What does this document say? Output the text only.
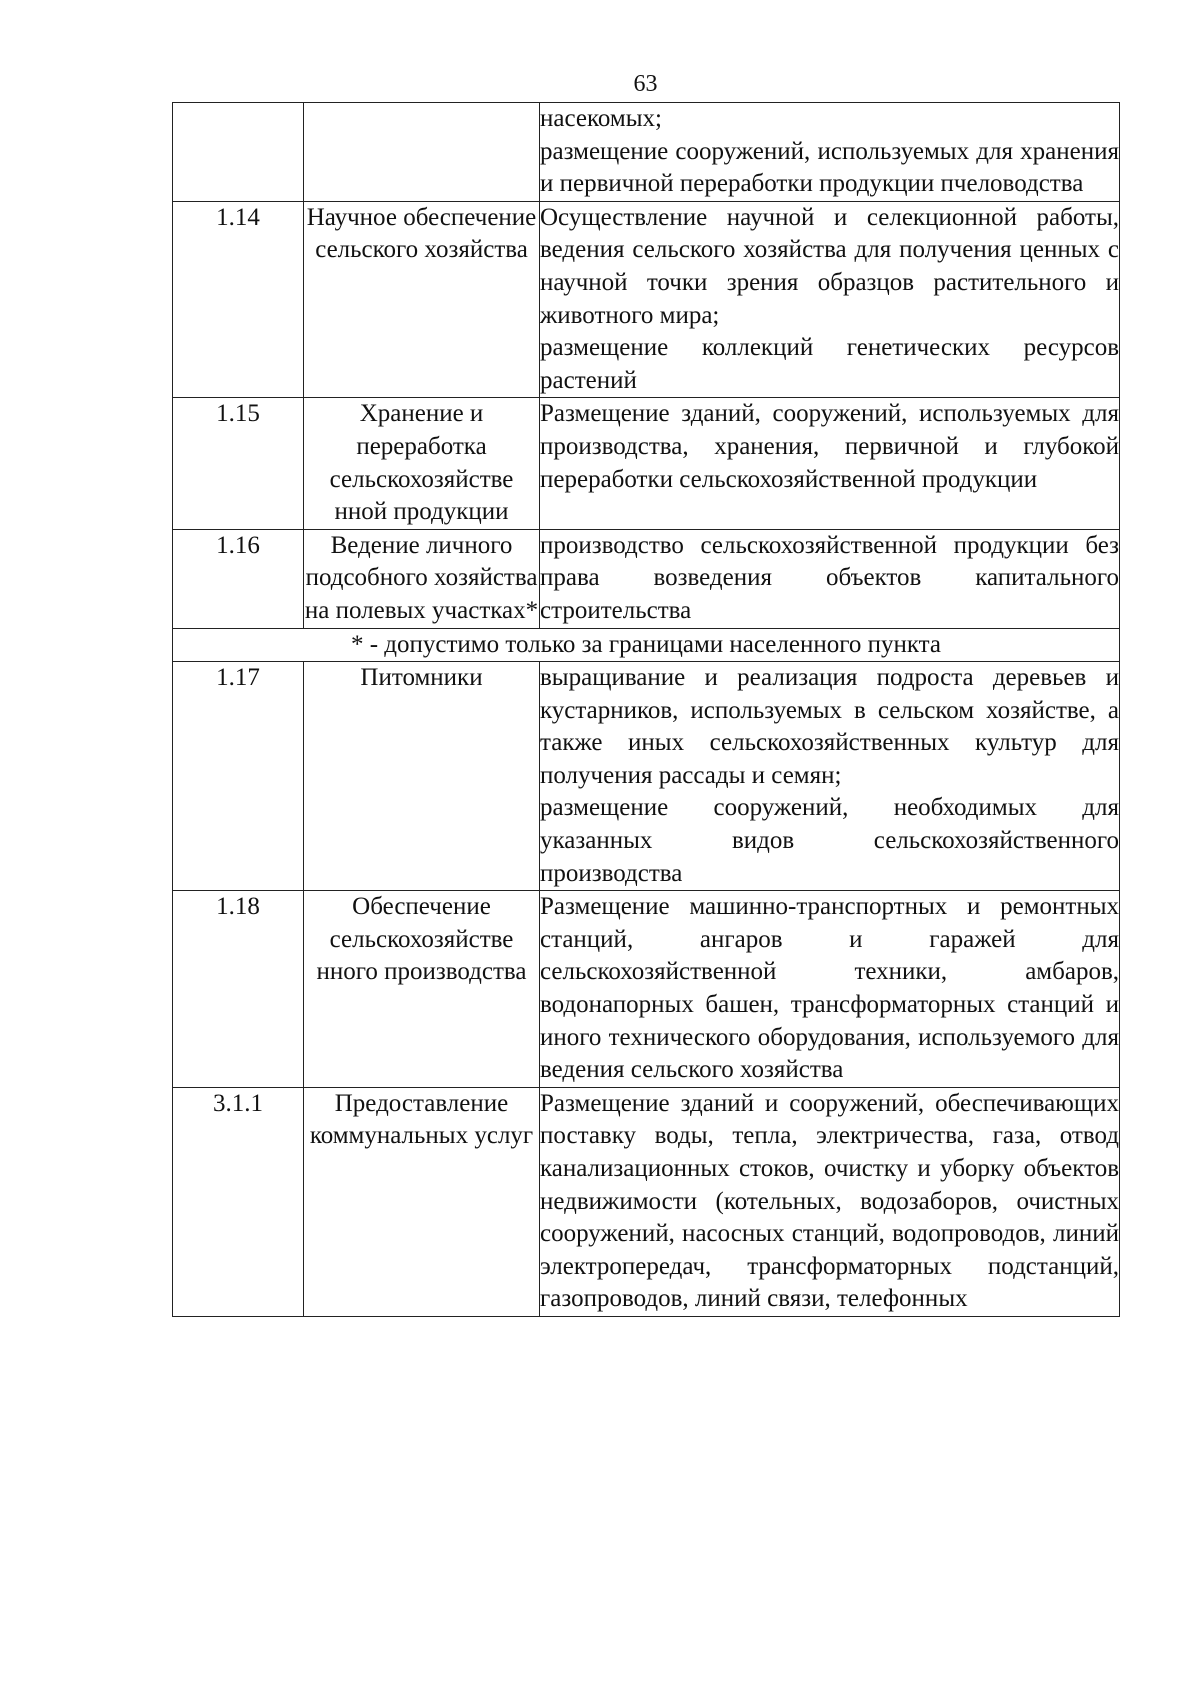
63

		насекомых;
размещение сооружений, используемых для хранения и первичной переработки продукции пчеловодства

1.14	Научное обеспечение сельского хозяйства	Осуществление научной и селекционной работы, ведения сельского хозяйства для получения ценных с научной точки зрения образцов растительного и животного мира;
размещение коллекций генетических ресурсов растений

1.15	Хранение и переработка сельскохозяйстве нной продукции	Размещение зданий, сооружений, используемых для производства, хранения, первичной и глубокой переработки сельскохозяйственной продукции

1.16	Ведение личного подсобного хозяйства на полевых участках*	производство сельскохозяйственной продукции без права возведения объектов капитального строительства

* - допустимо только за границами населенного пункта		
1.17	Питомники	выращивание и реализация подроста деревьев и кустарников, используемых в сельском хозяйстве, а также иных сельскохозяйственных культур для получения рассады и семян;
размещение сооружений, необходимых для указанных видов сельскохозяйственного производства

1.18	Обеспечение сельскохозяйстве нного производства	Размещение машинно-транспортных и ремонтных станций, ангаров и гаражей для сельскохозяйственной техники, амбаров, водонапорных башен, трансформаторных станций и иного технического оборудования, используемого для ведения сельского хозяйства

3.1.1	Предоставление коммунальных услуг	Размещение зданий и сооружений, обеспечивающих поставку воды, тепла, электричества, газа, отвод канализационных стоков, очистку и уборку объектов недвижимости (котельных, водозаборов, очистных сооружений, насосных станций, водопроводов, линий электропередач, трансформаторных подстанций, газопроводов, линий связи, телефонных
